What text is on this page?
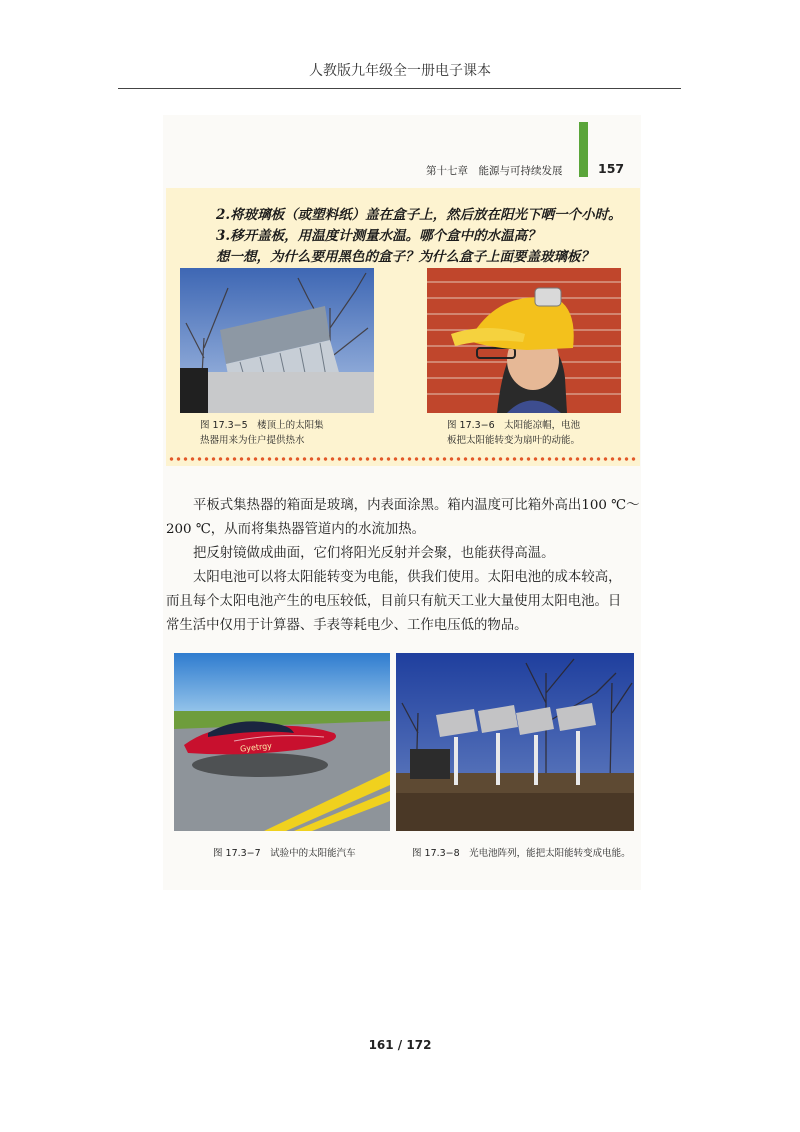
人教版九年级全一册电子课本
第十七章　能源与可持续发展	157
2.将玻璃板（或塑料纸）盖在盒子上，然后放在阳光下晒一个小时。
3.移开盖板，用温度计测量水温。哪个盒中的水温高？
想一想，为什么要用黑色的盒子？为什么盒子上面要盖玻璃板？
图 17.3−5　楼顶上的太阳集
热器用来为住户提供热水
图 17.3−6　太阳能凉帽，电池
板把太阳能转变为扇叶的动能。

平板式集热器的箱面是玻璃，内表面涂黑。箱内温度可比箱外高出100 ℃～

200 ℃，从而将集热器管道内的水流加热。

把反射镜做成曲面，它们将阳光反射并会聚，也能获得高温。

太阳电池可以将太阳能转变为电能，供我们使用。太阳电池的成本较高，

而且每个太阳电池产生的电压较低，目前只有航天工业大量使用太阳电池。日

常生活中仅用于计算器、手表等耗电少、工作电压低的物品。

Gyetrgy
图 17.3−7　试验中的太阳能汽车	图 17.3−8　光电池阵列，能把太阳能转变成电能。
161 / 172
